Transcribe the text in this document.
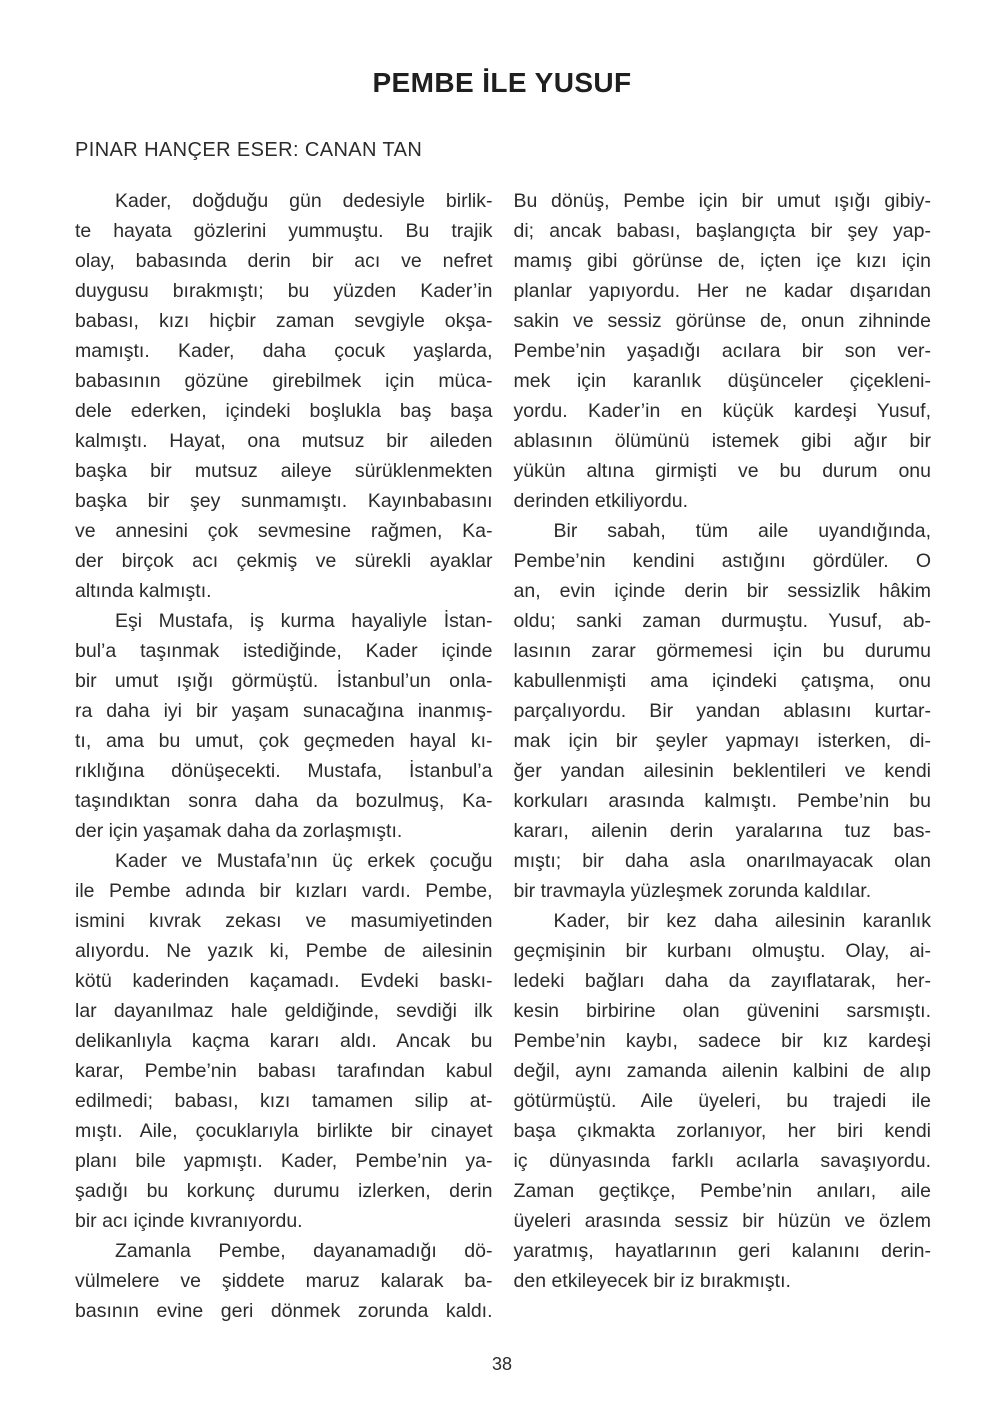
PEMBE İLE YUSUF
PINAR HANÇER ESER: CANAN TAN
Kader, doğduğu gün dedesiyle birlik-
te hayata gözlerini yummuştu. Bu trajik
olay, babasında derin bir acı ve nefret
duygusu bırakmıştı; bu yüzden Kader’in
babası, kızı hiçbir zaman sevgiyle okşa-
mamıştı. Kader, daha çocuk yaşlarda,
babasının gözüne girebilmek için müca-
dele ederken, içindeki boşlukla baş başa
kalmıştı. Hayat, ona mutsuz bir aileden
başka bir mutsuz aileye sürüklenmekten
başka bir şey sunmamıştı. Kayınbabasını
ve annesini çok sevmesine rağmen, Ka-
der birçok acı çekmiş ve sürekli ayaklar
altında kalmıştı.
Eşi Mustafa, iş kurma hayaliyle İstan-
bul’a taşınmak istediğinde, Kader içinde
bir umut ışığı görmüştü. İstanbul’un onla-
ra daha iyi bir yaşam sunacağına inanmış-
tı, ama bu umut, çok geçmeden hayal kı-
rıklığına dönüşecekti. Mustafa, İstanbul’a
taşındıktan sonra daha da bozulmuş, Ka-
der için yaşamak daha da zorlaşmıştı.
Kader ve Mustafa’nın üç erkek çocuğu
ile Pembe adında bir kızları vardı. Pembe,
ismini kıvrak zekası ve masumiyetinden
alıyordu. Ne yazık ki, Pembe de ailesinin
kötü kaderinden kaçamadı. Evdeki baskı-
lar dayanılmaz hale geldiğinde, sevdiği ilk
delikanlıyla kaçma kararı aldı. Ancak bu
karar, Pembe’nin babası tarafından kabul
edilmedi; babası, kızı tamamen silip at-
mıştı. Aile, çocuklarıyla birlikte bir cinayet
planı bile yapmıştı. Kader, Pembe’nin ya-
şadığı bu korkunç durumu izlerken, derin
bir acı içinde kıvranıyordu.
Zamanla Pembe, dayanamadığı dö-
vülmelere ve şiddete maruz kalarak ba-
basının evine geri dönmek zorunda kaldı.
Bu dönüş, Pembe için bir umut ışığı gibiy-
di; ancak babası, başlangıçta bir şey yap-
mamış gibi görünse de, içten içe kızı için
planlar yapıyordu. Her ne kadar dışarıdan
sakin ve sessiz görünse de, onun zihninde
Pembe’nin yaşadığı acılara bir son ver-
mek için karanlık düşünceler çiçekleni-
yordu. Kader’in en küçük kardeşi Yusuf,
ablasının ölümünü istemek gibi ağır bir
yükün altına girmişti ve bu durum onu
derinden etkiliyordu.
Bir sabah, tüm aile uyandığında,
Pembe’nin kendini astığını gördüler. O
an, evin içinde derin bir sessizlik hâkim
oldu; sanki zaman durmuştu. Yusuf, ab-
lasının zarar görmemesi için bu durumu
kabullenmişti ama içindeki çatışma, onu
parçalıyordu. Bir yandan ablasını kurtar-
mak için bir şeyler yapmayı isterken, di-
ğer yandan ailesinin beklentileri ve kendi
korkuları arasında kalmıştı. Pembe’nin bu
kararı, ailenin derin yaralarına tuz bas-
mıştı; bir daha asla onarılmayacak olan
bir travmayla yüzleşmek zorunda kaldılar.
Kader, bir kez daha ailesinin karanlık
geçmişinin bir kurbanı olmuştu. Olay, ai-
ledeki bağları daha da zayıflatarak, her-
kesin birbirine olan güvenini sarsmıştı.
Pembe’nin kaybı, sadece bir kız kardeşi
değil, aynı zamanda ailenin kalbini de alıp
götürmüştü. Aile üyeleri, bu trajedi ile
başa çıkmakta zorlanıyor, her biri kendi
iç dünyasında farklı acılarla savaşıyordu.
Zaman geçtikçe, Pembe’nin anıları, aile
üyeleri arasında sessiz bir hüzün ve özlem
yaratmış, hayatlarının geri kalanını derin-
den etkileyecek bir iz bırakmıştı.
38
